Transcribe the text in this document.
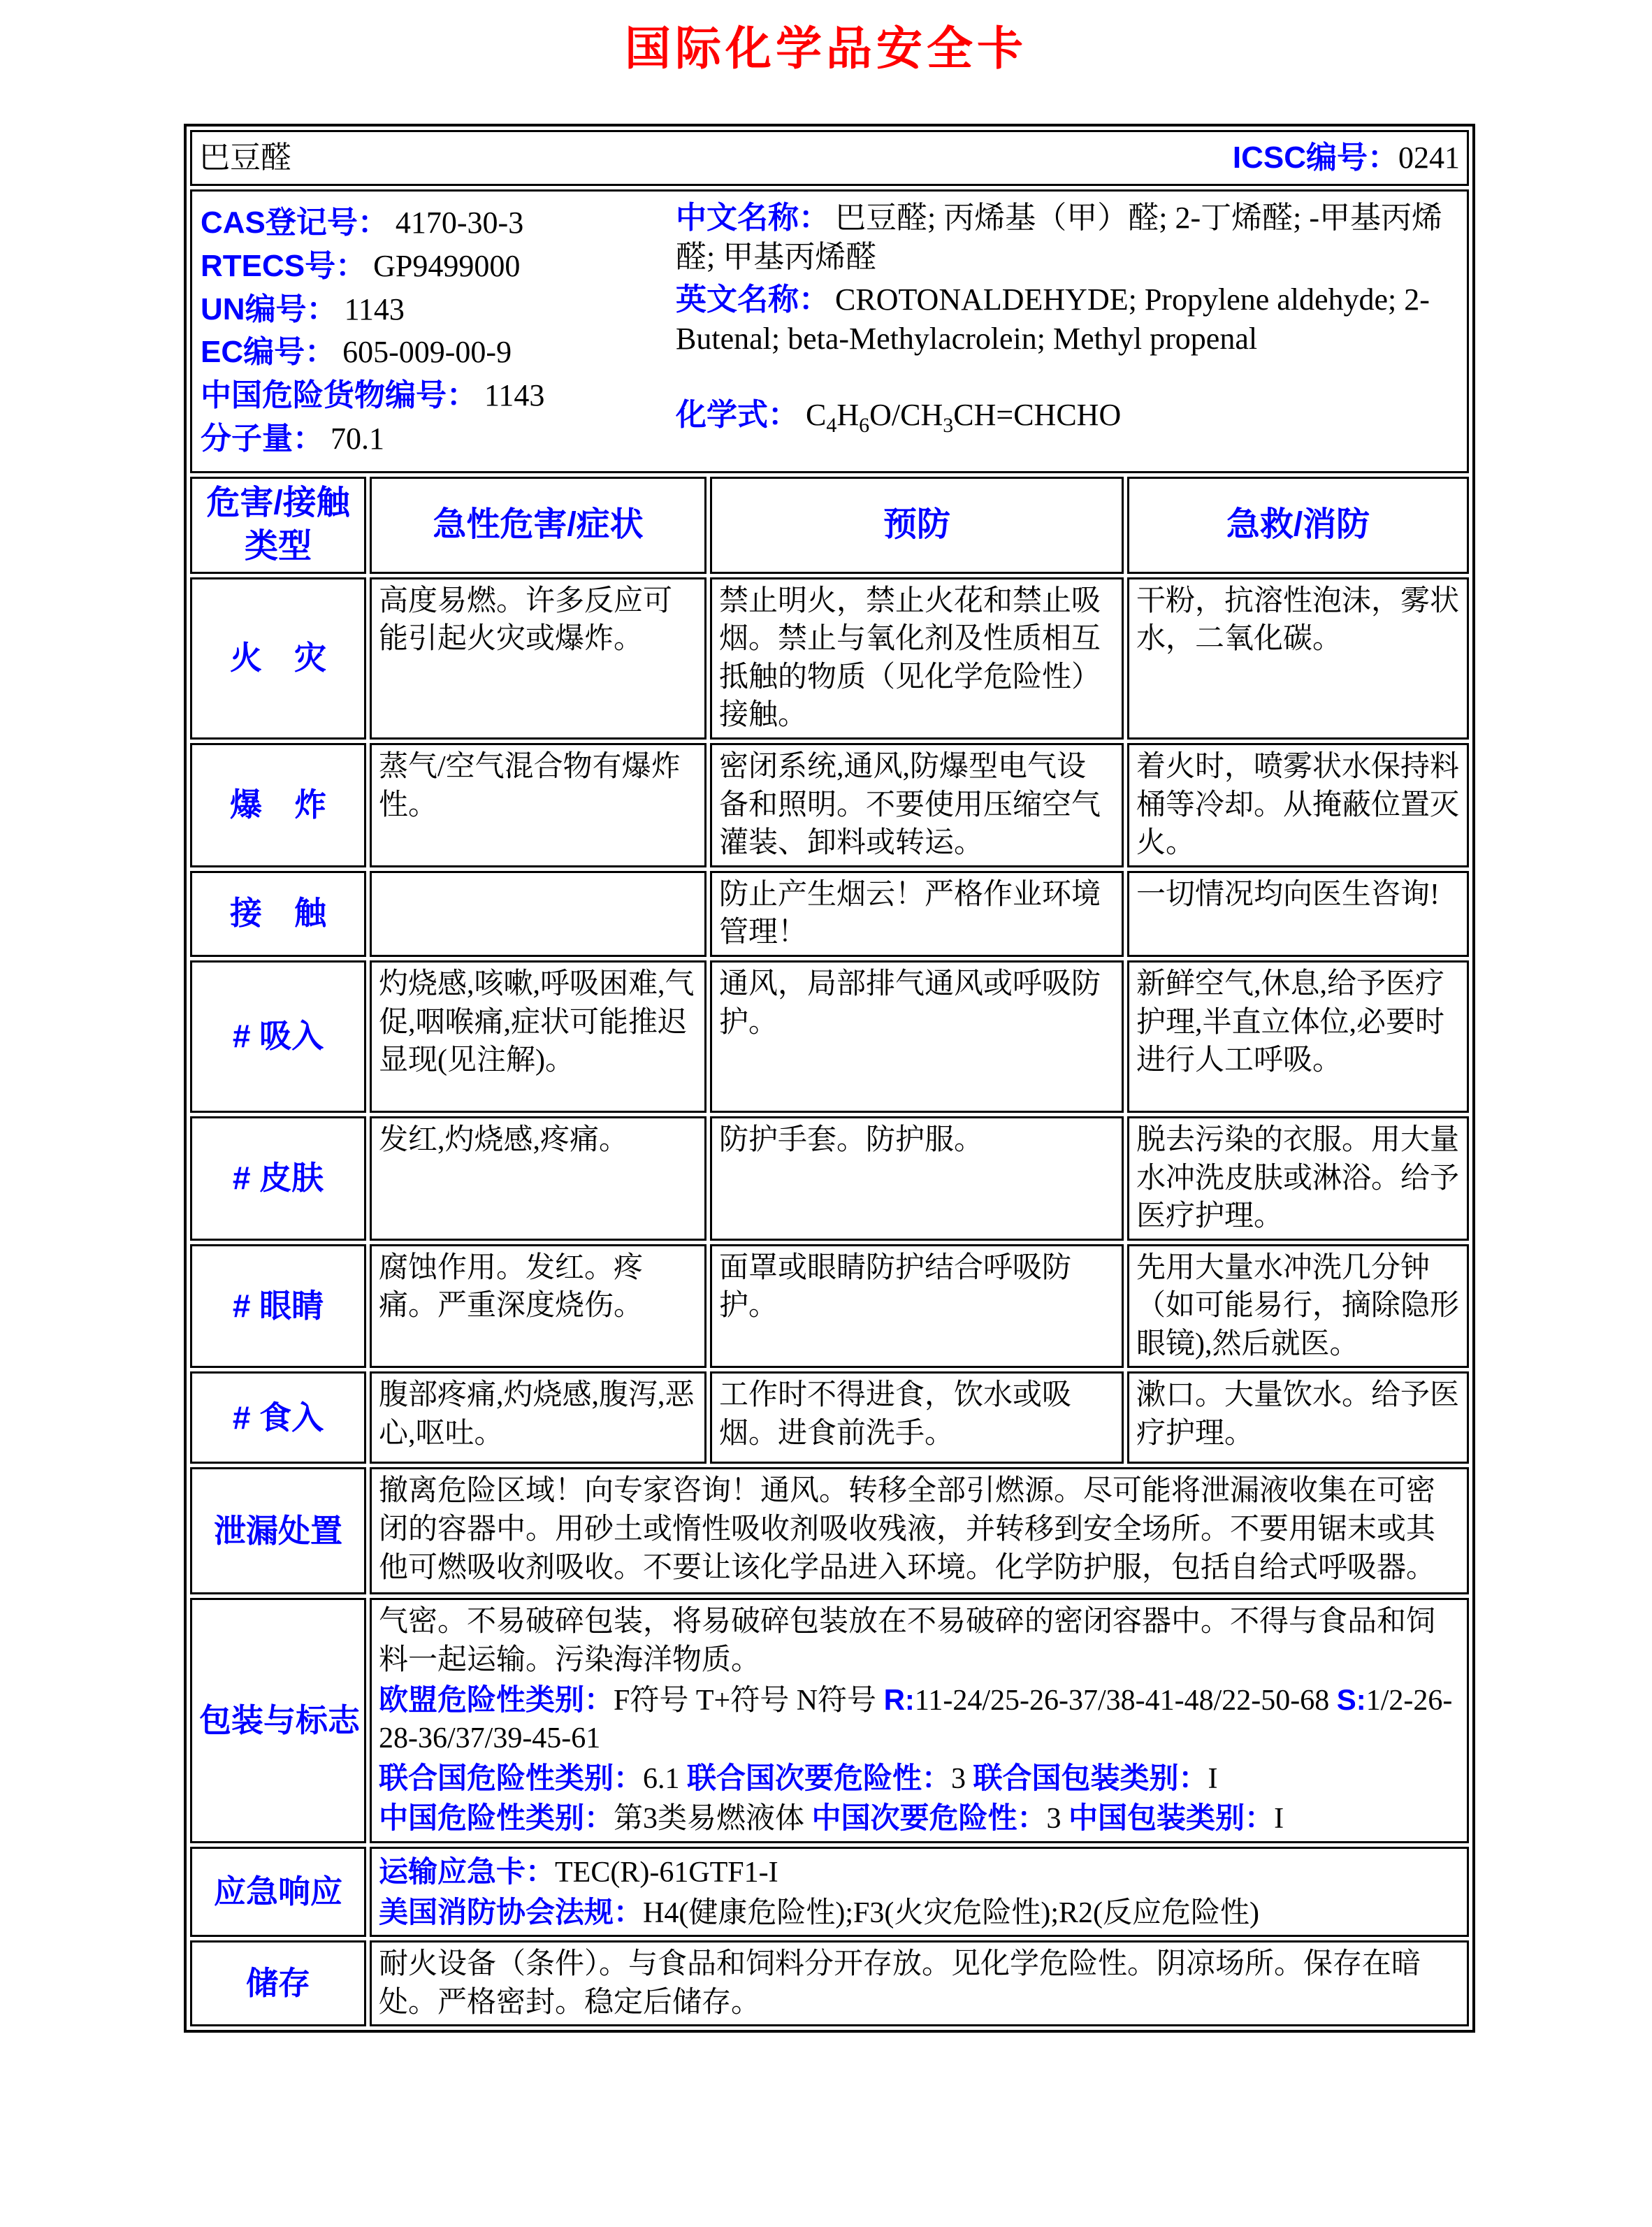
国际化学品安全卡
巴豆醛 ICSC编号：0241			

CAS登记号： 4170-30-3
RTECS号： GP9499000
UN编号： 1143
EC编号： 605-009-00-9
中国危险货物编号： 1143
分子量： 70.1
中文名称： 巴豆醛; 丙烯基（甲）醛; 2-丁烯醛; -甲基丙烯醛; 甲基丙烯醛
英文名称： CROTONALDEHYDE; Propylene aldehyde; 2-Butenal; beta-Methylacrolein; Methyl propenal
化学式： $C_4H_6O/CH_3CH=CHCHO$

危害/接触类型	急性危害/症状	预防	急救/消防
火　灾	高度易燃。许多反应可能引起火灾或爆炸。	禁止明火，禁止火花和禁止吸烟。禁止与氧化剂及性质相互抵触的物质（见化学危险性）接触。	干粉，抗溶性泡沫，雾状水，二氧化碳。
爆　炸	蒸气/空气混合物有爆炸性。	密闭系统,通风,防爆型电气设备和照明。不要使用压缩空气灌装、卸料或转运。	着火时，喷雾状水保持料桶等冷却。从掩蔽位置灭火。
接　触		防止产生烟云！严格作业环境管理！	一切情况均向医生咨询!
# 吸入	灼烧感,咳嗽,呼吸困难,气促,咽喉痛,症状可能推迟显现(见注解)。	通风，局部排气通风或呼吸防护。	新鲜空气,休息,给予医疗护理,半直立体位,必要时进行人工呼吸。
# 皮肤	发红,灼烧感,疼痛。	防护手套。防护服。	脱去污染的衣服。用大量水冲洗皮肤或淋浴。给予医疗护理。
# 眼睛	腐蚀作用。发红。疼痛。严重深度烧伤。	面罩或眼睛防护结合呼吸防护。	先用大量水冲洗几分钟（如可能易行，摘除隐形眼镜),然后就医。
# 食入	腹部疼痛,灼烧感,腹泻,恶心,呕吐。	工作时不得进食，饮水或吸烟。进食前洗手。	漱口。大量饮水。给予医疗护理。
泄漏处置	撤离危险区域！向专家咨询！通风。转移全部引燃源。尽可能将泄漏液收集在可密闭的容器中。用砂土或惰性吸收剂吸收残液，并转移到安全场所。不要用锯末或其他可燃吸收剂吸收。不要让该化学品进入环境。化学防护服，包括自给式呼吸器。		
包装与标志	气密。不易破碎包装，将易破碎包装放在不易破碎的密闭容器中。不得与食品和饲料一起运输。污染海洋物质。
欧盟危险性类别：F符号 T+符号 N符号 R:11-24/25-26-37/38-41-48/22-50-68 S:1/2-26-28-36/37/39-45-61
联合国危险性类别：6.1 联合国次要危险性：3 联合国包装类别：I
中国危险性类别：第3类易燃液体 中国次要危险性：3 中国包装类别：I		

应急响应	运输应急卡：TEC(R)-61GTF1-I
美国消防协会法规：H4(健康危险性);F3(火灾危险性);R2(反应危险性)		

储存	耐火设备（条件）。与食品和饲料分开存放。见化学危险性。阴凉场所。保存在暗处。严格密封。稳定后储存。		
